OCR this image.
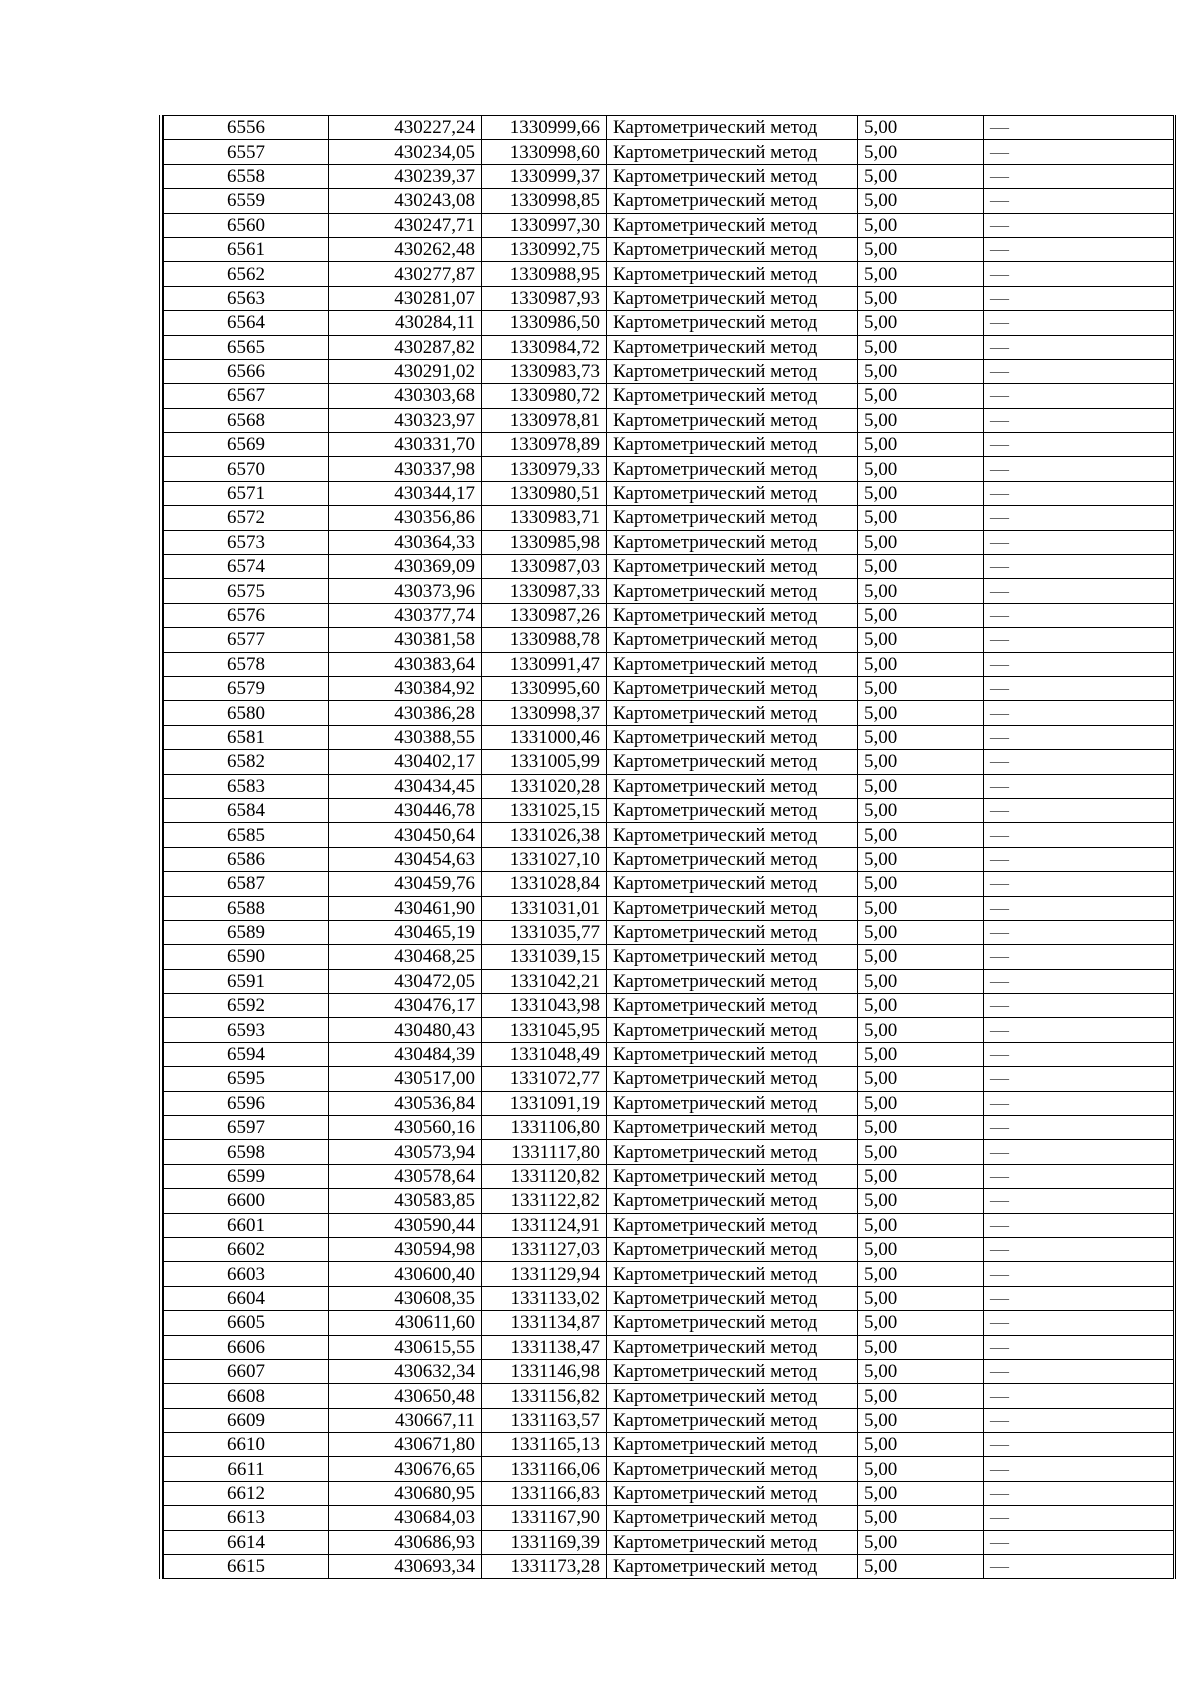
6556	430227,24	1330999,66	Картометрический метод	5,00	—
6557	430234,05	1330998,60	Картометрический метод	5,00	—
6558	430239,37	1330999,37	Картометрический метод	5,00	—
6559	430243,08	1330998,85	Картометрический метод	5,00	—
6560	430247,71	1330997,30	Картометрический метод	5,00	—
6561	430262,48	1330992,75	Картометрический метод	5,00	—
6562	430277,87	1330988,95	Картометрический метод	5,00	—
6563	430281,07	1330987,93	Картометрический метод	5,00	—
6564	430284,11	1330986,50	Картометрический метод	5,00	—
6565	430287,82	1330984,72	Картометрический метод	5,00	—
6566	430291,02	1330983,73	Картометрический метод	5,00	—
6567	430303,68	1330980,72	Картометрический метод	5,00	—
6568	430323,97	1330978,81	Картометрический метод	5,00	—
6569	430331,70	1330978,89	Картометрический метод	5,00	—
6570	430337,98	1330979,33	Картометрический метод	5,00	—
6571	430344,17	1330980,51	Картометрический метод	5,00	—
6572	430356,86	1330983,71	Картометрический метод	5,00	—
6573	430364,33	1330985,98	Картометрический метод	5,00	—
6574	430369,09	1330987,03	Картометрический метод	5,00	—
6575	430373,96	1330987,33	Картометрический метод	5,00	—
6576	430377,74	1330987,26	Картометрический метод	5,00	—
6577	430381,58	1330988,78	Картометрический метод	5,00	—
6578	430383,64	1330991,47	Картометрический метод	5,00	—
6579	430384,92	1330995,60	Картометрический метод	5,00	—
6580	430386,28	1330998,37	Картометрический метод	5,00	—
6581	430388,55	1331000,46	Картометрический метод	5,00	—
6582	430402,17	1331005,99	Картометрический метод	5,00	—
6583	430434,45	1331020,28	Картометрический метод	5,00	—
6584	430446,78	1331025,15	Картометрический метод	5,00	—
6585	430450,64	1331026,38	Картометрический метод	5,00	—
6586	430454,63	1331027,10	Картометрический метод	5,00	—
6587	430459,76	1331028,84	Картометрический метод	5,00	—
6588	430461,90	1331031,01	Картометрический метод	5,00	—
6589	430465,19	1331035,77	Картометрический метод	5,00	—
6590	430468,25	1331039,15	Картометрический метод	5,00	—
6591	430472,05	1331042,21	Картометрический метод	5,00	—
6592	430476,17	1331043,98	Картометрический метод	5,00	—
6593	430480,43	1331045,95	Картометрический метод	5,00	—
6594	430484,39	1331048,49	Картометрический метод	5,00	—
6595	430517,00	1331072,77	Картометрический метод	5,00	—
6596	430536,84	1331091,19	Картометрический метод	5,00	—
6597	430560,16	1331106,80	Картометрический метод	5,00	—
6598	430573,94	1331117,80	Картометрический метод	5,00	—
6599	430578,64	1331120,82	Картометрический метод	5,00	—
6600	430583,85	1331122,82	Картометрический метод	5,00	—
6601	430590,44	1331124,91	Картометрический метод	5,00	—
6602	430594,98	1331127,03	Картометрический метод	5,00	—
6603	430600,40	1331129,94	Картометрический метод	5,00	—
6604	430608,35	1331133,02	Картометрический метод	5,00	—
6605	430611,60	1331134,87	Картометрический метод	5,00	—
6606	430615,55	1331138,47	Картометрический метод	5,00	—
6607	430632,34	1331146,98	Картометрический метод	5,00	—
6608	430650,48	1331156,82	Картометрический метод	5,00	—
6609	430667,11	1331163,57	Картометрический метод	5,00	—
6610	430671,80	1331165,13	Картометрический метод	5,00	—
6611	430676,65	1331166,06	Картометрический метод	5,00	—
6612	430680,95	1331166,83	Картометрический метод	5,00	—
6613	430684,03	1331167,90	Картометрический метод	5,00	—
6614	430686,93	1331169,39	Картометрический метод	5,00	—
6615	430693,34	1331173,28	Картометрический метод	5,00	—
